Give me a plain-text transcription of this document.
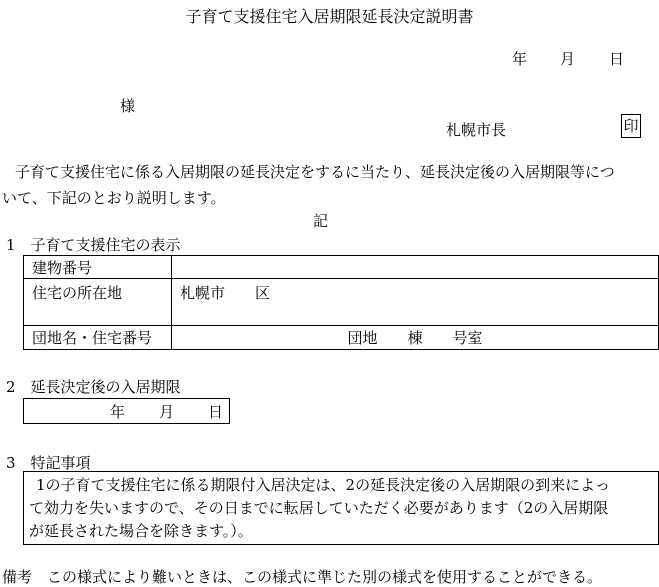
子育て支援住宅入居期限延長決定説明書
年 月 日
様
札幌市長	印
子育て支援住宅に係る入居期限の延長決定をするに当たり、延長決定後の入居期限等につ
いて、下記のとおり説明します。
記
1　子育て支援住宅の表示
建物番号	
住宅の所在地	札幌市　　区
団地名・住宅番号	団地　　棟　　号室
2　延長決定後の入居期限
年 月 日
3　特記事項
1の子育て支援住宅に係る期限付入居決定は、2の延長決定後の入居期限の到来によっ
て効力を失いますので、その日までに転居していただく必要があります（2の入居期限
が延長された場合を除きます。）。
備考　この様式により難いときは、この様式に準じた別の様式を使用することができる。
